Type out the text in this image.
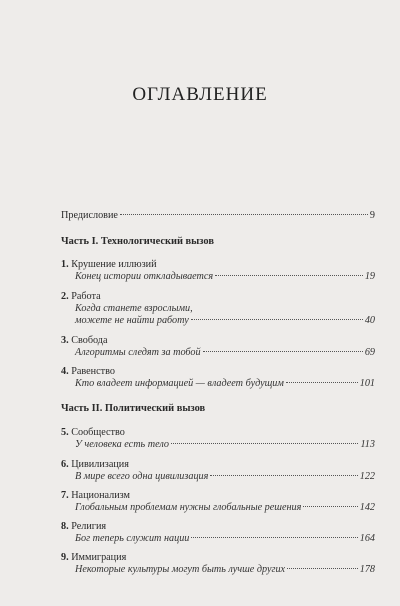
ОГЛАВЛЕНИЕ
Предисловие	9
Часть I. Технологический вызов
1.
Крушение иллюзий
Конец истории откладывается	19
2.
Работа
Когда станете взрослыми,
можете не найти работу	40
3.
Свобода
Алгоритмы следят за тобой	69
4.
Равенство
Кто владеет информацией — владеет будущим	101
Часть II. Политический вызов
5.
Сообщество
У человека есть тело	113
6.
Цивилизация
В мире всего одна цивилизация	122
7.
Национализм
Глобальным проблемам нужны глобальные решения	142
8.
Религия
Бог теперь служит нации	164
9.
Иммиграция
Некоторые культуры могут быть лучше других	178
